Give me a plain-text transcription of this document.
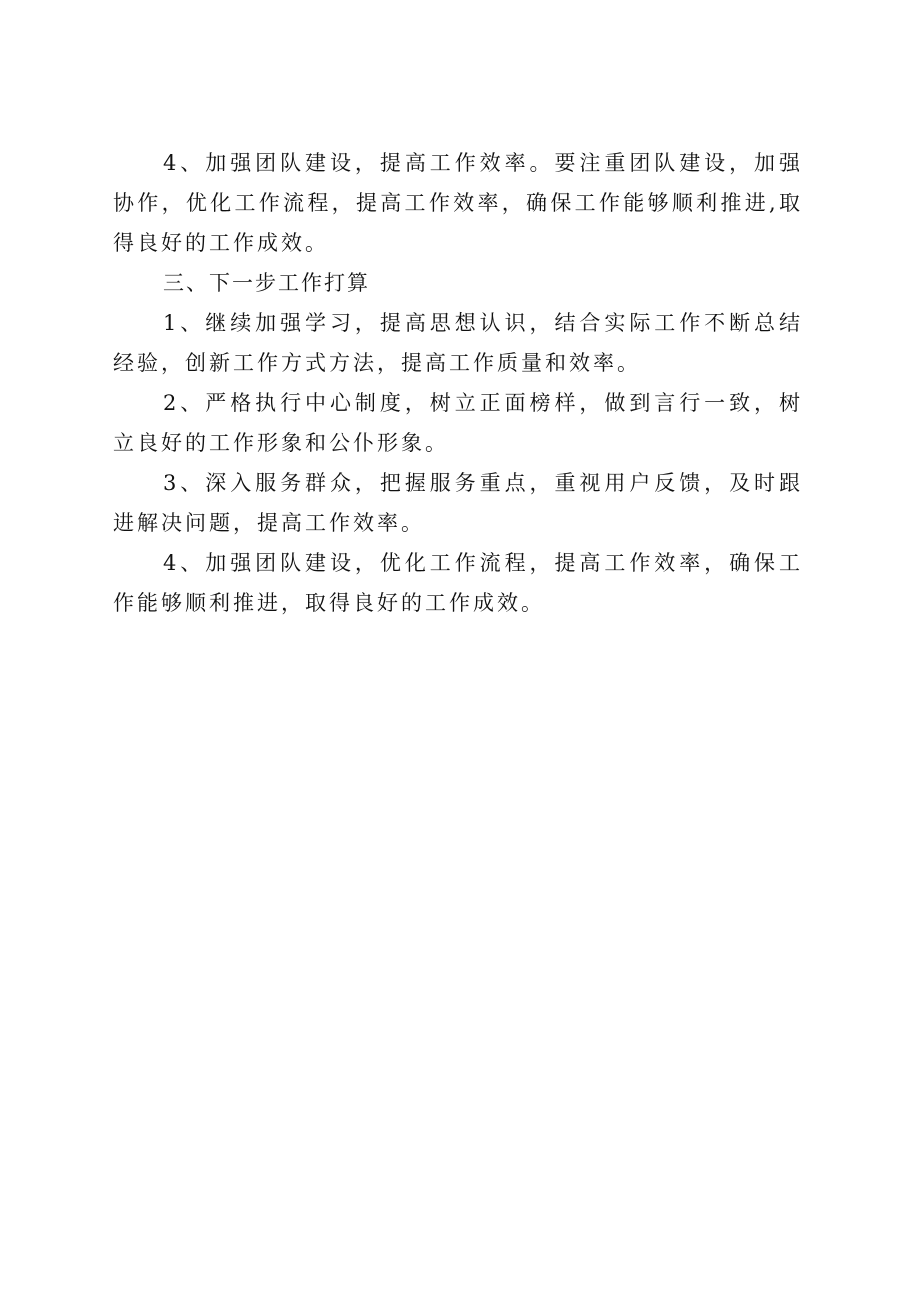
4、加强团队建设，提高工作效率。要注重团队建设，加强协作，优化工作流程，提高工作效率，确保工作能够顺利推进,取得良好的工作成效。

三、下一步工作打算

1、继续加强学习，提高思想认识，结合实际工作不断总结经验，创新工作方式方法，提高工作质量和效率。

2、严格执行中心制度，树立正面榜样，做到言行一致，树立良好的工作形象和公仆形象。

3、深入服务群众，把握服务重点，重视用户反馈，及时跟进解决问题，提高工作效率。

4、加强团队建设，优化工作流程，提高工作效率，确保工作能够顺利推进，取得良好的工作成效。
